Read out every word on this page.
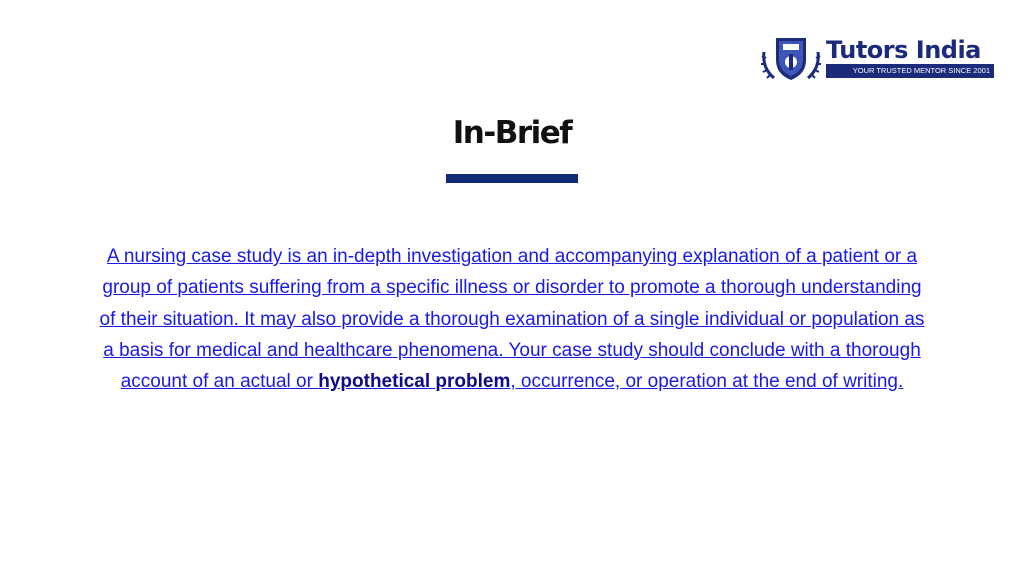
Tutors India
YOUR TRUSTED MENTOR SINCE 2001
In-Brief
A nursing case study is an in-depth investigation and accompanying explanation of a patient or a group of patients suffering from a specific illness or disorder to promote a thorough understanding of their situation. It may also provide a thorough examination of a single individual or population as a basis for medical and healthcare phenomena. Your case study should conclude with a thorough account of an actual or hypothetical problem, occurrence, or operation at the end of writing.
